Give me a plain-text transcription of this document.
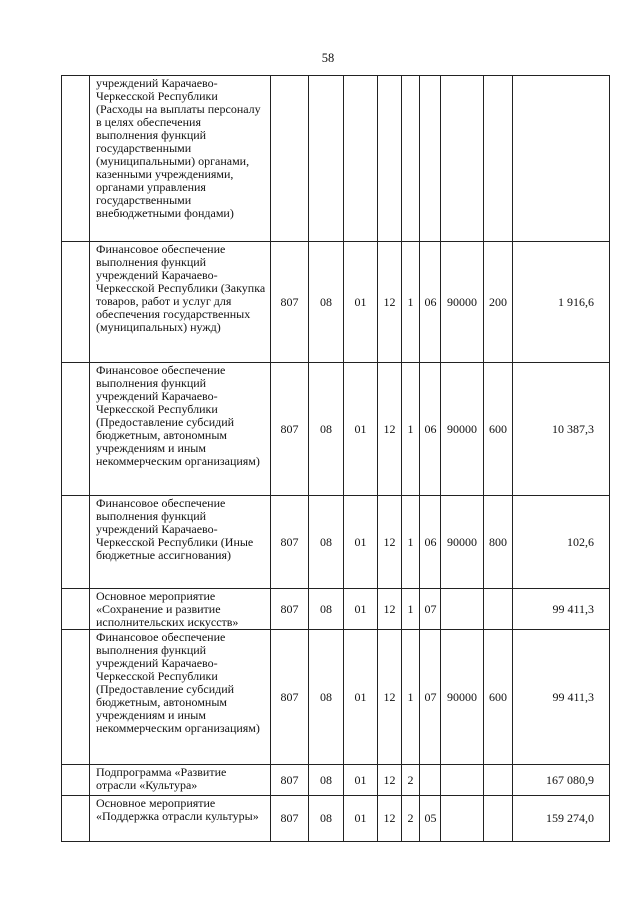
58
	учреждений Карачаево-Черкесской Республики (Расходы на выплаты персоналу в целях обеспечения выполнения функций государственными (муниципальными) органами, казенными учреждениями, органами управления государственными внебюджетными фондами)									
	Финансовое обеспечение выполнения функций учреждений Карачаево-Черкесской Республики (Закупка товаров, работ и услуг для обеспечения государственных (муниципальных) нужд)	807	08	01	12	1	06	90000	200	1 916,6
	Финансовое обеспечение выполнения функций учреждений Карачаево-Черкесской Республики (Предоставление субсидий бюджетным, автономным учреждениям и иным некоммерческим организациям)	807	08	01	12	1	06	90000	600	10 387,3
	Финансовое обеспечение выполнения функций учреждений Карачаево-Черкесской Республики (Иные бюджетные ассигнования)	807	08	01	12	1	06	90000	800	102,6
	Основное мероприятие «Сохранение и развитие исполнительских искусств»	807	08	01	12	1	07			99 411,3
	Финансовое обеспечение выполнения функций учреждений Карачаево-Черкесской Республики (Предоставление субсидий бюджетным, автономным учреждениям и иным некоммерческим организациям)	807	08	01	12	1	07	90000	600	99 411,3
	Подпрограмма «Развитие отрасли «Культура»	807	08	01	12	2				167 080,9
	Основное мероприятие «Поддержка отрасли культуры»	807	08	01	12	2	05			159 274,0
